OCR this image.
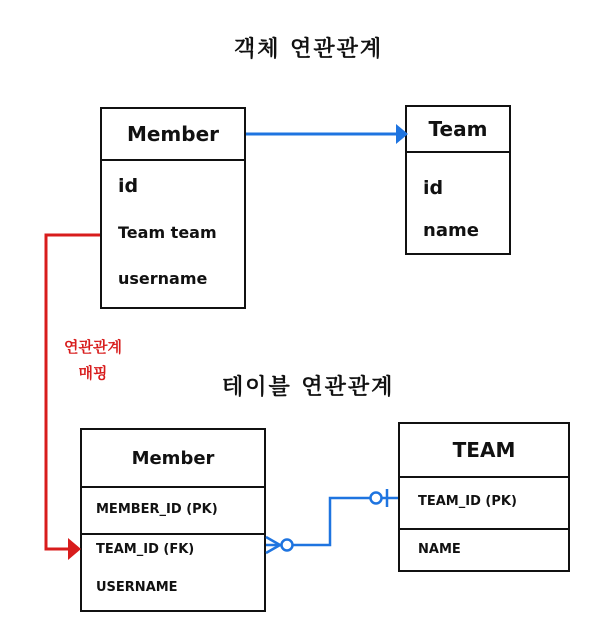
객체 연관관계
테이블 연관관계
Member
id
Team team
username
Team
id
name
연관관계
매핑
Member
MEMBER_ID (PK)
TEAM_ID (FK)
USERNAME
TEAM
TEAM_ID (PK)
NAME
